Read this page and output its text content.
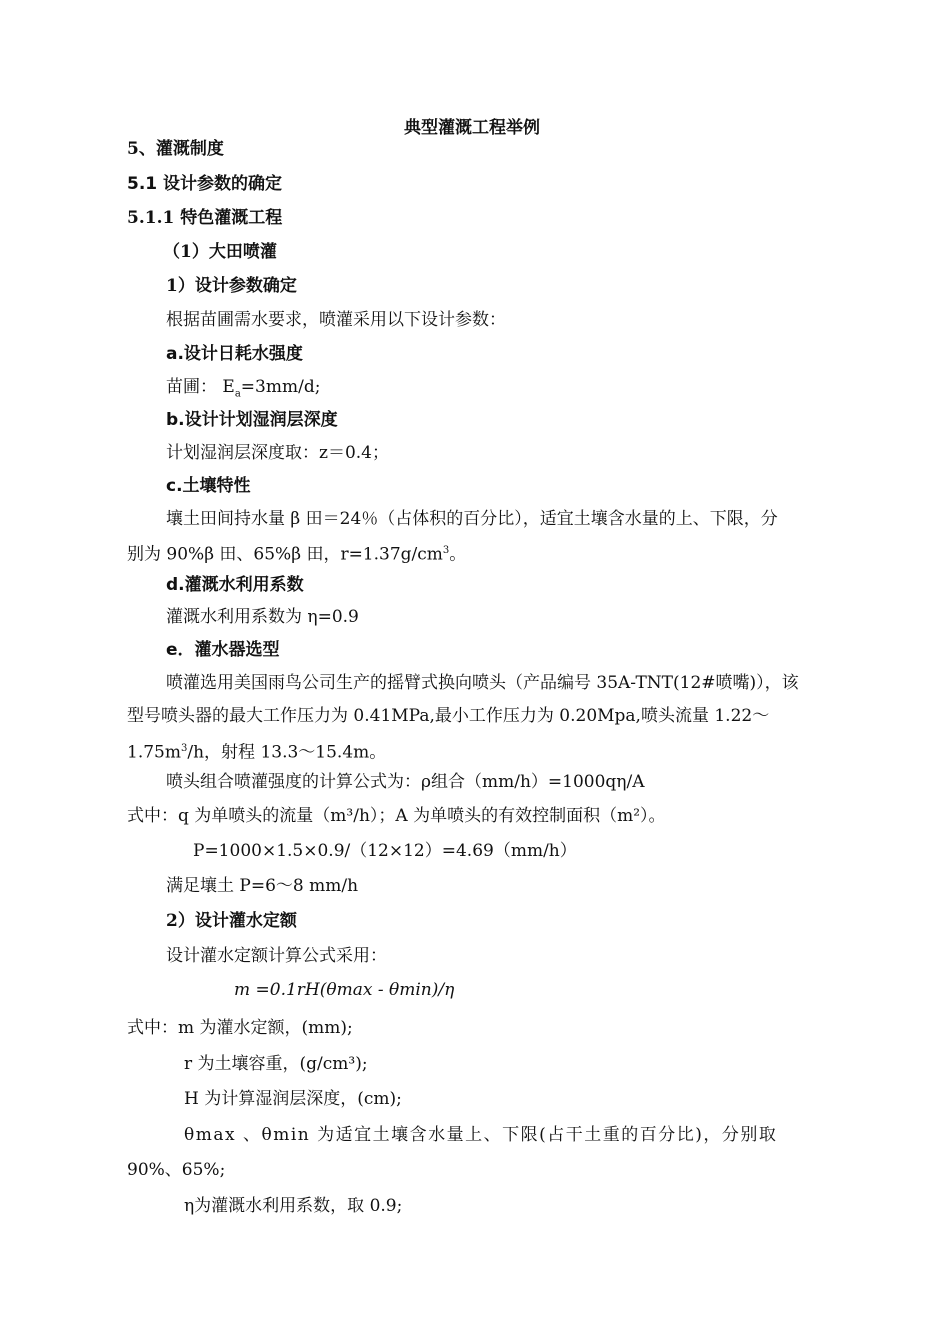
典型灌溉工程举例
5、灌溉制度
5.1 设计参数的确定
5.1.1 特色灌溉工程
（1）大田喷灌
1）设计参数确定
根据苗圃需水要求，喷灌采用以下设计参数：
a.设计日耗水强度
苗圃： $E_a=3mm/d$;
b.设计计划湿润层深度
计划湿润层深度取：z＝0.4；
c.土壤特性
壤土田间持水量 β 田＝24％（占体积的百分比），适宜土壤含水量的上、下限，分
别为 90%β 田、65%β 田，$r=1.37g/cm^3$。
d.灌溉水利用系数
灌溉水利用系数为 η=0.9
e．灌水器选型
喷灌选用美国雨鸟公司生产的摇臂式换向喷头（产品编号 35A-TNT(12#喷嘴)），该
型号喷头器的最大工作压力为 0.41MPa,最小工作压力为 0.20Mpa,喷头流量 1.22～
$1.75m^3/h$，射程 13.3～15.4m。
喷头组合喷灌强度的计算公式为：ρ组合（mm/h）=1000qη/A
式中：q 为单喷头的流量（m³/h）；A 为单喷头的有效控制面积（m²）。
P=1000×1.5×0.9/（12×12）=4.69（mm/h）
满足壤土 P=6～8 mm/h
2）设计灌水定额
设计灌水定额计算公式采用：
m =0.1rH(θmax - θmin)/η
式中：m 为灌水定额，(mm);
r 为土壤容重，(g/cm³);
H 为计算湿润层深度，(cm);
θmax 、θmin 为适宜土壤含水量上、下限(占干土重的百分比)，分别取
90%、65%;
η为灌溉水利用系数，取 0.9;
